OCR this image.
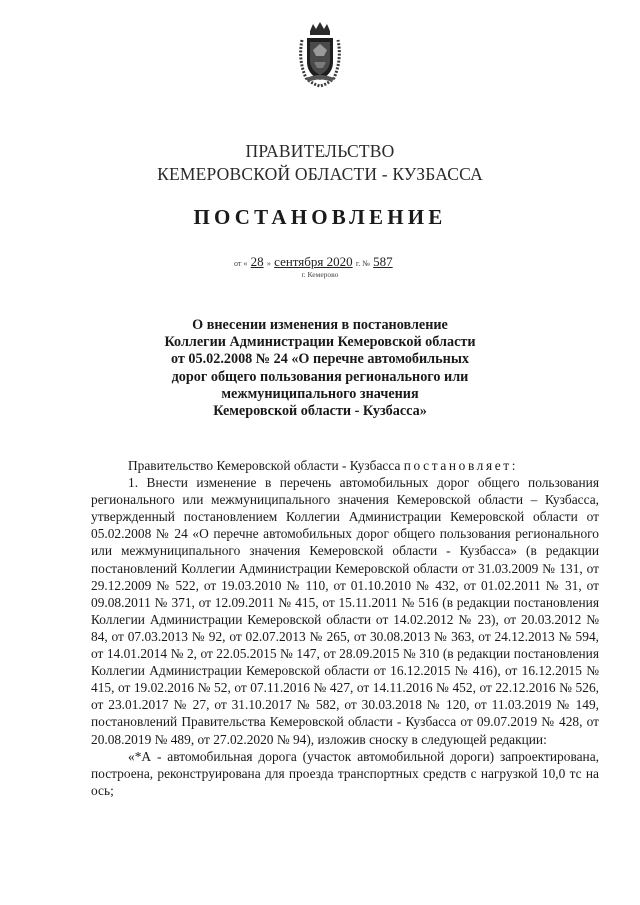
ПРАВИТЕЛЬСТВО
КЕМЕРОВСКОЙ ОБЛАСТИ - КУЗБАССА
ПОСТАНОВЛЕНИЕ
от « 28 » сентября 2020 г. № 587
г. Кемерово
О внесении изменения в постановление
Коллегии Администрации Кемеровской области
от 05.02.2008 № 24 «О перечне автомобильных
дорог общего пользования регионального или
межмуниципального значения
Кемеровской области - Кузбасса»

Правительство Кемеровской области - Кузбасса постановляет:

1. Внести изменение в перечень автомобильных дорог общего пользования регионального или межмуниципального значения Кемеровской области – Кузбасса, утвержденный постановлением Коллегии Администрации Кемеровской области от 05.02.2008 № 24 «О перечне автомобильных дорог общего пользования регионального или межмуниципального значения Кемеровской области - Кузбасса» (в редакции постановлений Коллегии Администрации Кемеровской области от 31.03.2009 № 131, от 29.12.2009 № 522, от 19.03.2010 № 110, от 01.10.2010 № 432, от 01.02.2011 № 31, от 09.08.2011 № 371, от 12.09.2011 № 415, от 15.11.2011 № 516 (в редакции постановления Коллегии Администрации Кемеровской области от 14.02.2012 № 23), от 20.03.2012 № 84, от 07.03.2013 № 92, от 02.07.2013 № 265, от 30.08.2013 № 363, от 24.12.2013 № 594, от 14.01.2014 № 2, от 22.05.2015 № 147, от 28.09.2015 № 310 (в редакции постановления Коллегии Администрации Кемеровской области от 16.12.2015 № 416), от 16.12.2015 № 415, от 19.02.2016 № 52, от 07.11.2016 № 427, от 14.11.2016 № 452, от 22.12.2016 № 526, от 23.01.2017 № 27, от 31.10.2017 № 582, от 30.03.2018 № 120, от 11.03.2019 № 149, постановлений Правительства Кемеровской области - Кузбасса от 09.07.2019 № 428, от 20.08.2019 № 489, от 27.02.2020 № 94), изложив сноску в следующей редакции:

«*А - автомобильная дорога (участок автомобильной дороги) запроектирована, построена, реконструирована для проезда транспортных средств с нагрузкой 10,0 тс на ось;
